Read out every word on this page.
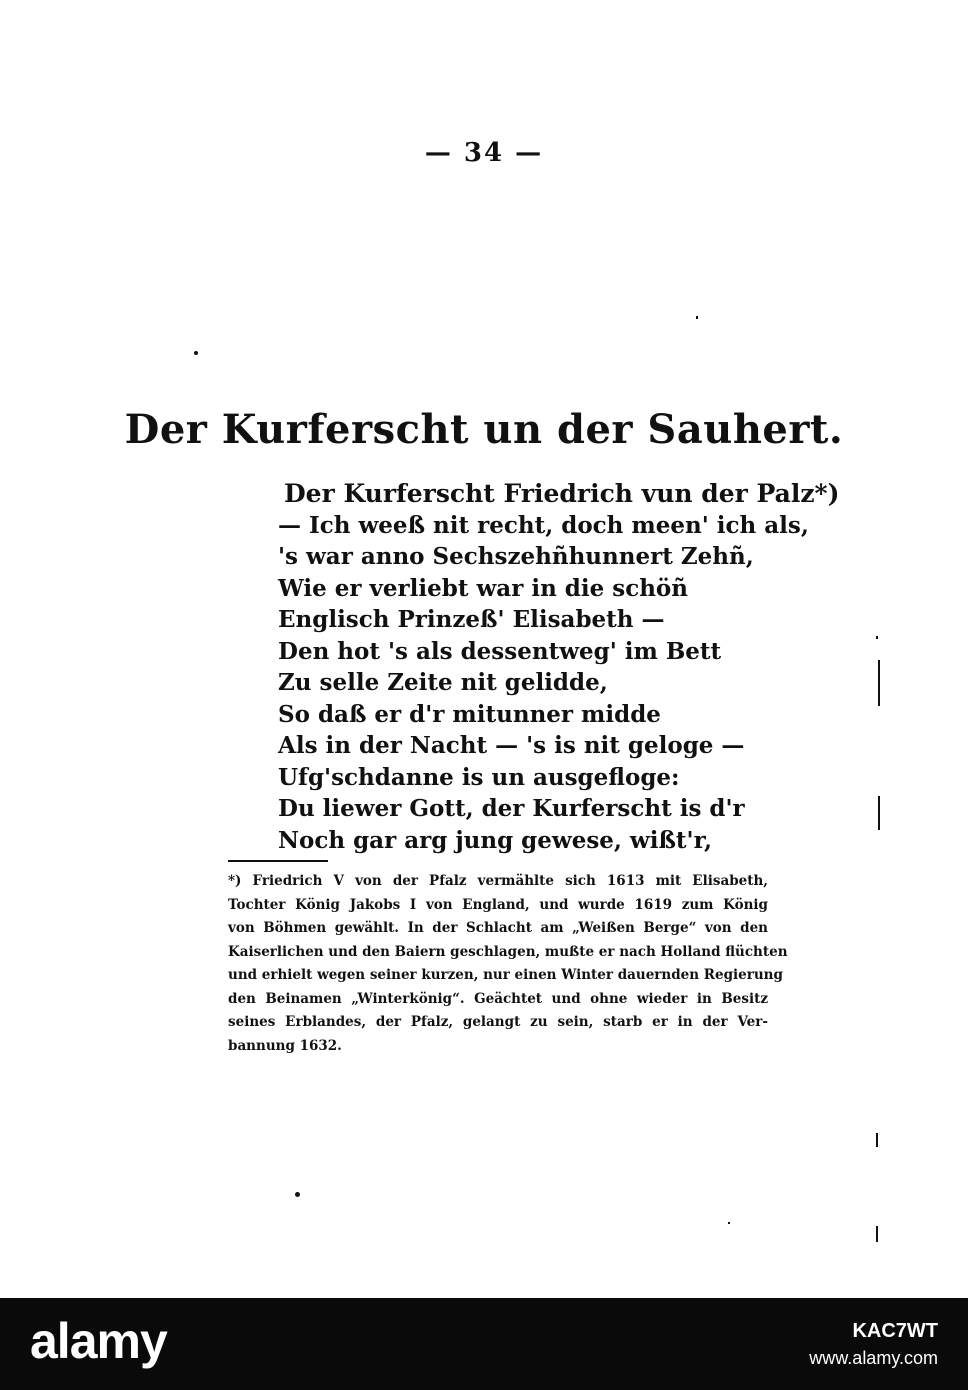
— 34 —
Der Kurferscht un der Sauhert.
Der Kurferscht Friedrich vun der Palz*)
— Ich weeß nit recht, doch meen' ich als,
's war anno Sechszehñhunnert Zehñ,
Wie er verliebt war in die schöñ
Englisch Prinzeß' Elisabeth —
Den hot 's als dessentweg' im Bett
Zu selle Zeite nit gelidde,
So daß er d'r mitunner midde
Als in der Nacht — 's is nit geloge —
Ufg'schdanne is un ausgefloge:
Du liewer Gott, der Kurferscht is d'r
Noch gar arg jung gewese, wißt'r,
*) Friedrich V von der Pfalz vermählte sich 1613 mit Elisabeth,
Tochter König Jakobs I von England, und wurde 1619 zum König
von Böhmen gewählt. In der Schlacht am „Weißen Berge“ von den
Kaiserlichen und den Baiern geschlagen, mußte er nach Holland flüchten
und erhielt wegen seiner kurzen, nur einen Winter dauernden Regierung
den Beinamen „Winterkönig“. Geächtet und ohne wieder in Besitz
seines Erblandes, der Pfalz, gelangt zu sein, starb er in der Ver-
bannung 1632.
alamy	KAC7WT
www.alamy.com
